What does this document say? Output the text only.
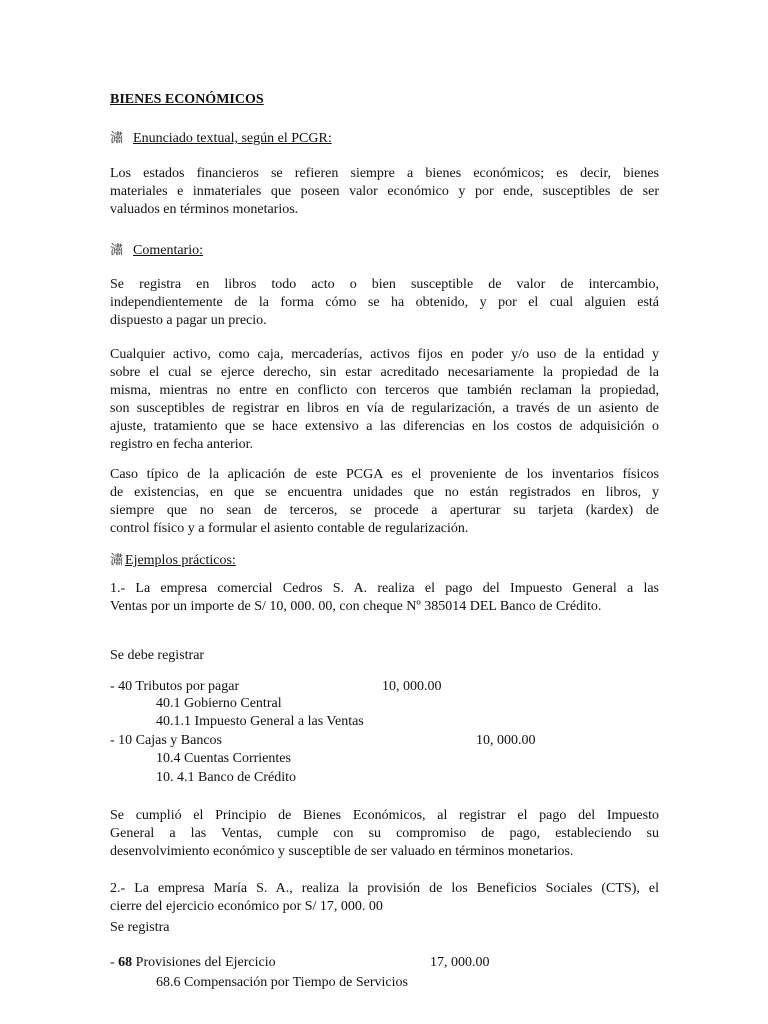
BIENES ECONÓMICOS
潚 Enunciado textual, según el PCGR:
Los estados financieros se refieren siempre a bienes económicos; es decir, bienes
materiales e inmateriales que poseen valor económico y por ende, susceptibles de ser
valuados en términos monetarios.
潚 Comentario:
Se registra en libros todo acto o bien susceptible de valor de intercambio,
independientemente de la forma cómo se ha obtenido, y por el cual alguien está
dispuesto a pagar un precio.
Cualquier activo, como caja, mercaderías, activos fijos en poder y/o uso de la entidad y
sobre el cual se ejerce derecho, sin estar acreditado necesariamente la propiedad de la
misma, mientras no entre en conflicto con terceros que también reclaman la propiedad,
son susceptibles de registrar en libros en vía de regularización, a través de un asiento de
ajuste, tratamiento que se hace extensivo a las diferencias en los costos de adquisición o
registro en fecha anterior.
Caso típico de la aplicación de este PCGA es el proveniente de los inventarios físicos
de existencias, en que se encuentra unidades que no están registrados en libros, y
siempre que no sean de terceros, se procede a aperturar su tarjeta (kardex) de
control físico y a formular el asiento contable de regularización.
潚 Ejemplos prácticos:
1.- La empresa comercial Cedros S. A. realiza el pago del Impuesto General a las
Ventas por un importe de S/ 10, 000. 00, con cheque Nº 385014 DEL Banco de Crédito.
Se debe registrar
- 40 Tributos por pagar	10, 000.00
40.1 Gobierno Central
40.1.1 Impuesto General a las Ventas
- 10 Cajas y Bancos	10, 000.00
10.4 Cuentas Corrientes
10. 4.1 Banco de Crédito
Se cumplió el Principio de Bienes Económicos, al registrar el pago del Impuesto
General a las Ventas, cumple con su compromiso de pago, estableciendo su
desenvolvimiento económico y susceptible de ser valuado en términos monetarios.
2.- La empresa María S. A., realiza la provisión de los Beneficios Sociales (CTS), el
cierre del ejercicio económico por S/ 17, 000. 00
Se registra
- 68 Provisiones del Ejercicio	17, 000.00
68.6 Compensación por Tiempo de Servicios
